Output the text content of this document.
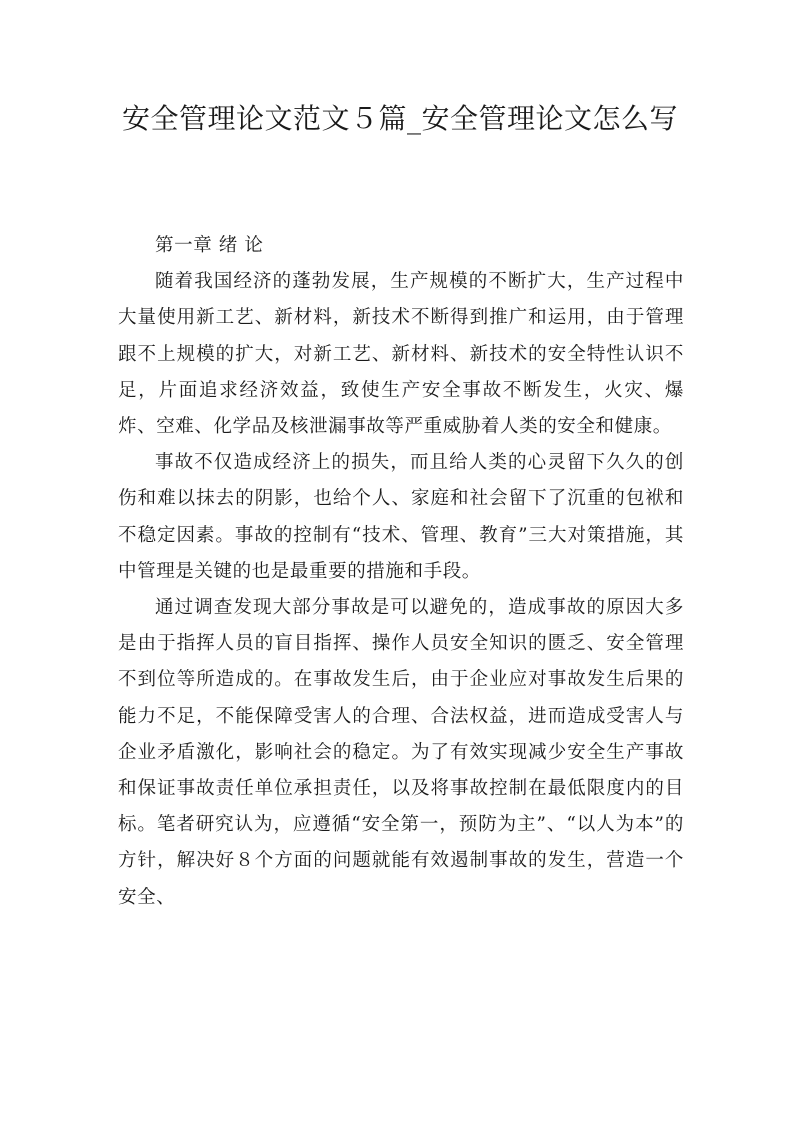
安全管理论文范文５篇_安全管理论文怎么写

第一章 绪 论

随着我国经济的蓬勃发展，生产规模的不断扩大，生产过程中大量使用新工艺、新材料，新技术不断得到推广和运用，由于管理跟不上规模的扩大，对新工艺、新材料、新技术的安全特性认识不足，片面追求经济效益，致使生产安全事故不断发生，火灾、爆炸、空难、化学品及核泄漏事故等严重威胁着人类的安全和健康。

事故不仅造成经济上的损失，而且给人类的心灵留下久久的创伤和难以抹去的阴影，也给个人、家庭和社会留下了沉重的包袱和不稳定因素。事故的控制有“技术、管理、教育”三大对策措施，其中管理是关键的也是最重要的措施和手段。

通过调查发现大部分事故是可以避免的，造成事故的原因大多是由于指挥人员的盲目指挥、操作人员安全知识的匮乏、安全管理不到位等所造成的。在事故发生后，由于企业应对事故发生后果的能力不足，不能保障受害人的合理、合法权益，进而造成受害人与企业矛盾激化，影响社会的稳定。为了有效实现减少安全生产事故和保证事故责任单位承担责任，以及将事故控制在最低限度内的目标。笔者研究认为，应遵循“安全第一，预防为主”、“以人为本”的方针，解决好８个方面的问题就能有效遏制事故的发生，营造一个安全、
